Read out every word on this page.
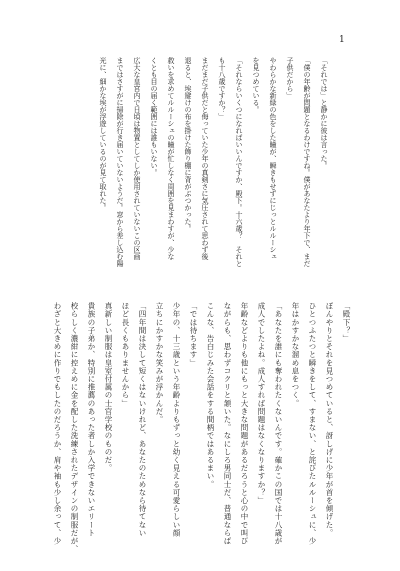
1
「それでは」と静かに彼は言った。
「僕の年齢が問題となるわけですね。僕があなたより年下で、まだ
子供だから」
やわらかな新緑の色をした瞳が、瞬きもせずにじっとルルーシュ
を見つめている。
「それならいくつになればいいんですか、殿下。十六歳？　それと
も十八歳ですか？」
まだまだ子供だと侮っていた少年の真剣さに気圧されて思わず後
退ると、埃避けの布を掛けた飾り棚に背がぶつかった。
救いを求めてルルーシュの瞳が忙しなく周囲を見まわすが、少な
くとも目の届く範囲には誰もいない。
広大な皇宮内で日頃は物置としてしか使用されていないこの区画
まではさすがに掃除が行き届いていないようだ。窓から差し込む陽
光に、細かな埃が浮遊しているのが見て取れた。
「殿下？」
ぼんやりとそれを見つめていると、訝しげに少年が首を傾げた。
ひとつふたつと瞬きをして、すまない、と詫びたルルーシュに、少
年はかすかな溜め息をつく。
「あなたを誰にも奪われたくないんです。確かこの国では十八歳が
成人でしたよね。成人すれば問題はなくなりますか？」
年齢などよりも他にもっと大きな問題があるだろうと心の中で叫び
ながらも、思わずコクリと頷いた。なにしろ男同士だ、普通ならば
こんな、告白じみた会話をする間柄ではあるまい。
「では待ちます」
少年の、十三歳という年齢よりもずっと幼く見える可愛らしい顔
立ちにかすかな笑みが浮かんだ。
「四年間は決して短くはないけれど、あなたのためなら待てない
ほど長くもありませんから」
真新しい制服は皇室付属の士官学校のものだ。
貴族の子弟か、特別に推薦のあった者しか入学できないエリート
校らしく濃紺に控えめに金を配した洗練されたデザインの制服だが、
わざと大きめに作りでもしたのだろうか、肩や袖も少し余って、少
